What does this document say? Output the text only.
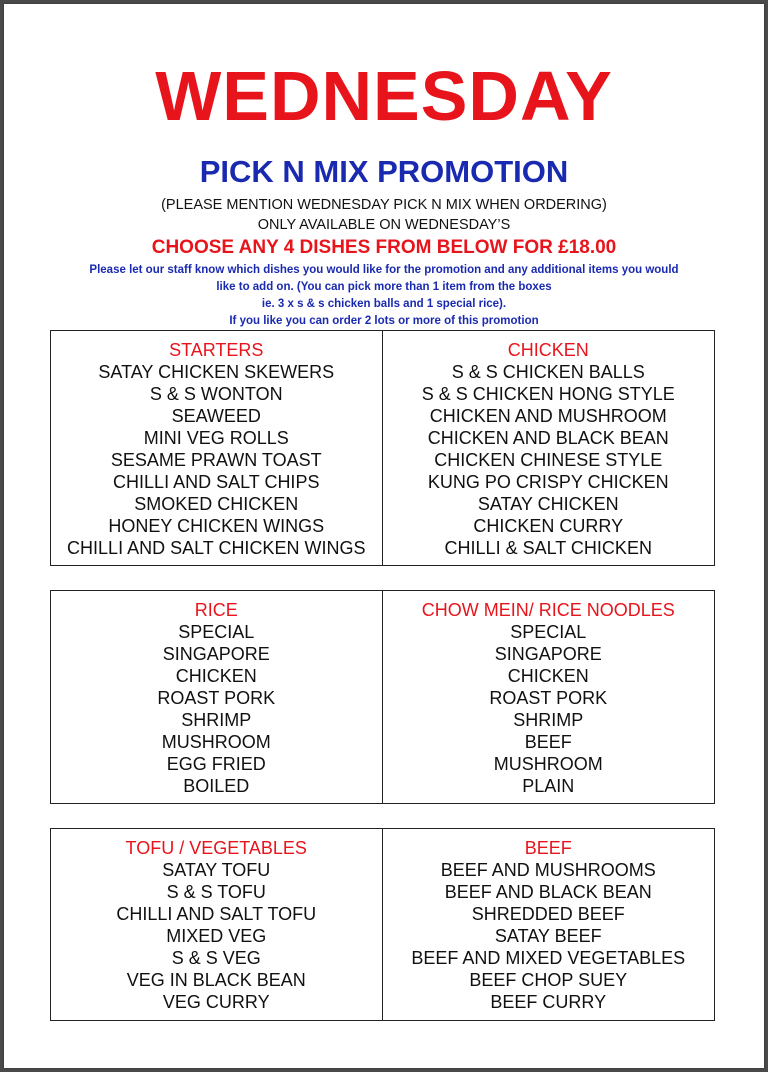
WEDNESDAY
PICK N MIX PROMOTION
(PLEASE MENTION WEDNESDAY PICK N MIX WHEN ORDERING)
ONLY AVAILABLE ON WEDNESDAY’S
CHOOSE ANY 4 DISHES FROM BELOW FOR £18.00
Please let our staff know which dishes you would like for the promotion and any additional items you would
like to add on. (You can pick more than 1 item from the boxes
ie. 3 x s & s chicken balls and 1 special rice).
If you like you can order 2 lots or more of this promotion
STARTERS
SATAY CHICKEN SKEWERS
S & S WONTON
SEAWEED
MINI VEG ROLLS
SESAME PRAWN TOAST
CHILLI AND SALT CHIPS
SMOKED CHICKEN
HONEY CHICKEN WINGS
CHILLI AND SALT CHICKEN WINGS
CHICKEN
S & S CHICKEN BALLS
S & S CHICKEN HONG STYLE
CHICKEN AND MUSHROOM
CHICKEN AND BLACK BEAN
CHICKEN CHINESE STYLE
KUNG PO CRISPY CHICKEN
SATAY CHICKEN
CHICKEN CURRY
CHILLI & SALT CHICKEN
RICE
SPECIAL
SINGAPORE
CHICKEN
ROAST PORK
SHRIMP
MUSHROOM
EGG FRIED
BOILED
CHOW MEIN/ RICE NOODLES
SPECIAL
SINGAPORE
CHICKEN
ROAST PORK
SHRIMP
BEEF
MUSHROOM
PLAIN
TOFU / VEGETABLES
SATAY TOFU
S & S TOFU
CHILLI AND SALT TOFU
MIXED VEG
S & S VEG
VEG IN BLACK BEAN
VEG CURRY
BEEF
BEEF AND MUSHROOMS
BEEF AND BLACK BEAN
SHREDDED BEEF
SATAY BEEF
BEEF AND MIXED VEGETABLES
BEEF CHOP SUEY
BEEF CURRY
